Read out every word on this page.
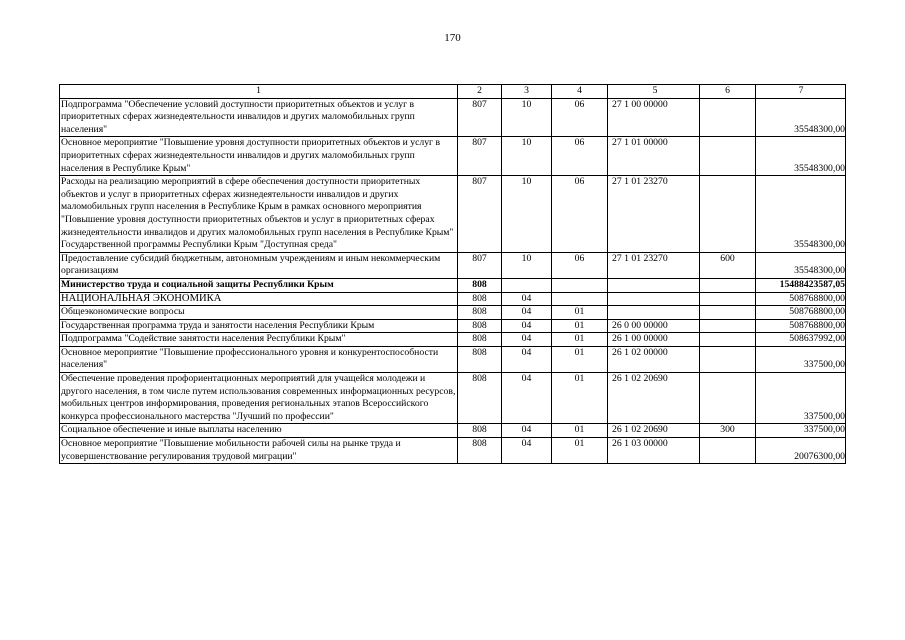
170
1	2	3	4	5	6	7
Подпрограмма "Обеспечение условий доступности приоритетных объектов и услуг в приоритетных сферах жизнедеятельности инвалидов и других маломобильных групп населения"	807	10	06	27 1 00 00000		35548300,00
Основное мероприятие "Повышение уровня доступности приоритетных объектов и услуг в приоритетных сферах жизнедеятельности инвалидов и других маломобильных групп населения в Республике Крым"	807	10	06	27 1 01 00000		35548300,00
Расходы на реализацию мероприятий в сфере обеспечения доступности приоритетных объектов и услуг в приоритетных сферах жизнедеятельности инвалидов и других маломобильных групп населения в Республике Крым в рамках основного мероприятия "Повышение уровня доступности приоритетных объектов и услуг в приоритетных сферах жизнедеятельности инвалидов и других маломобильных групп населения в Республике Крым" Государственной программы Республики Крым "Доступная среда"	807	10	06	27 1 01 23270		35548300,00
Предоставление субсидий бюджетным, автономным учреждениям и иным некоммерческим организациям	807	10	06	27 1 01 23270	600	35548300,00
Министерство труда и социальной защиты Республики Крым	808					15488423587,05
НАЦИОНАЛЬНАЯ ЭКОНОМИКА	808	04				508768800,00
Общеэкономические вопросы	808	04	01			508768800,00
Государственная программа труда и занятости населения Республики Крым	808	04	01	26 0 00 00000		508768800,00
Подпрограмма "Содействие занятости населения Республики Крым"	808	04	01	26 1 00 00000		508637992,00
Основное мероприятие "Повышение профессионального уровня и конкурентоспособности населения"	808	04	01	26 1 02 00000		337500,00
Обеспечение проведения профориентационных мероприятий для учащейся молодежи и другого населения, в том числе путем использования современных информационных ресурсов, мобильных центров информирования, проведения региональных этапов Всероссийского конкурса профессионального мастерства "Лучший по профессии"	808	04	01	26 1 02 20690		337500,00
Социальное обеспечение и иные выплаты населению	808	04	01	26 1 02 20690	300	337500,00
Основное мероприятие "Повышение мобильности рабочей силы на рынке труда и усовершенствование регулирования трудовой миграции"	808	04	01	26 1 03 00000		20076300,00
